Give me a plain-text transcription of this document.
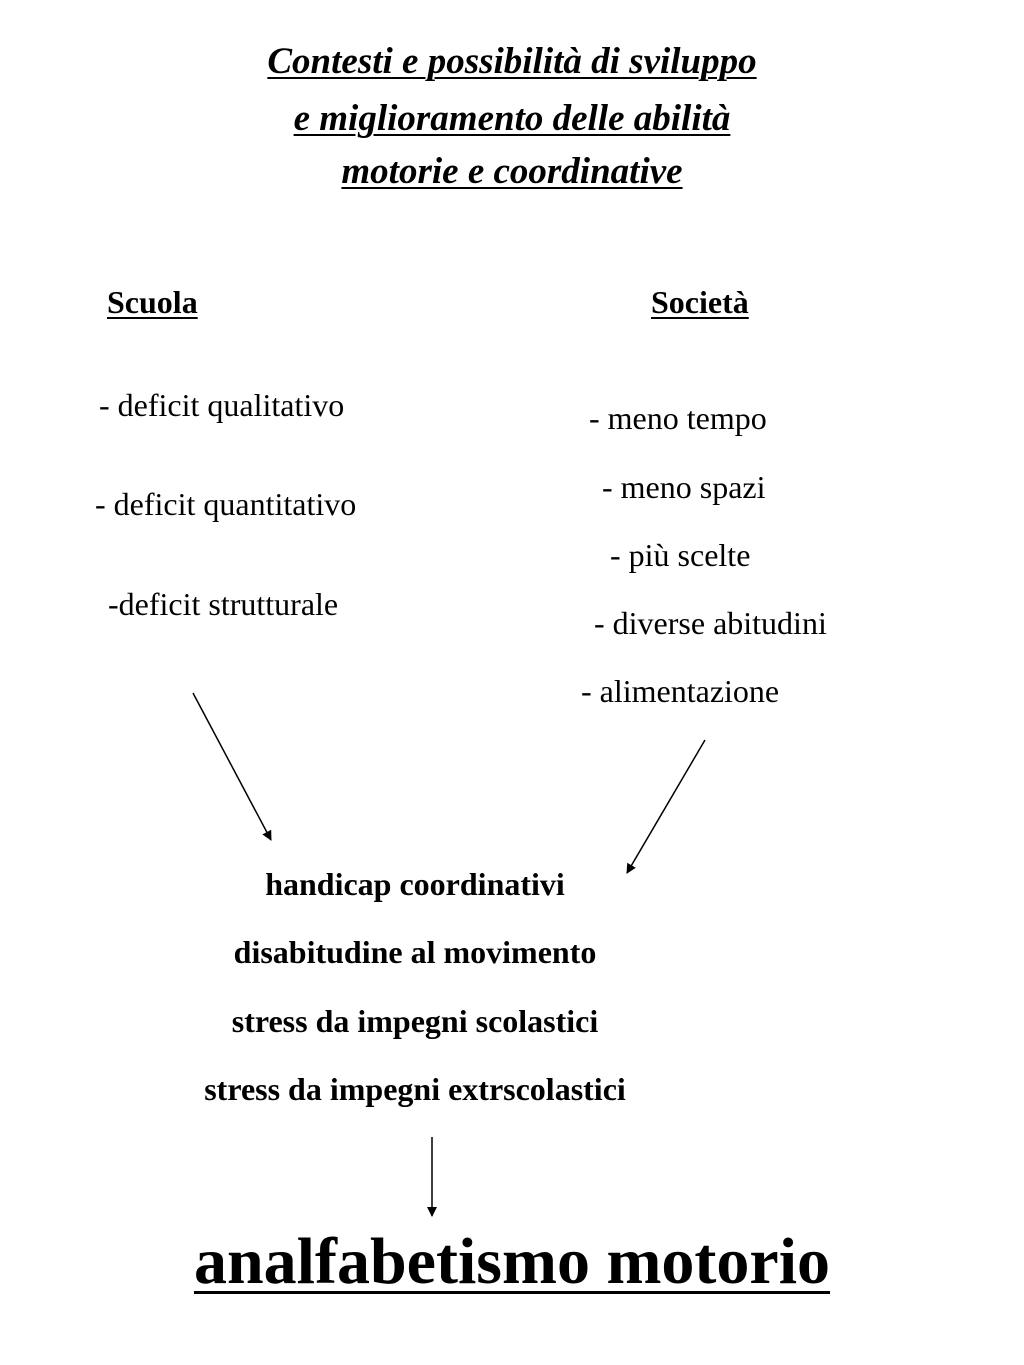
Contesti e possibilità di sviluppo
e miglioramento delle abilità
motorie e coordinative
Scuola
- deficit qualitativo
- deficit quantitativo
-deficit strutturale
Società
- meno tempo
- meno spazi
- più scelte
- diverse abitudini
- alimentazione
handicap coordinativi
disabitudine al movimento
stress da impegni scolastici
stress da impegni extrscolastici
analfabetismo motorio
